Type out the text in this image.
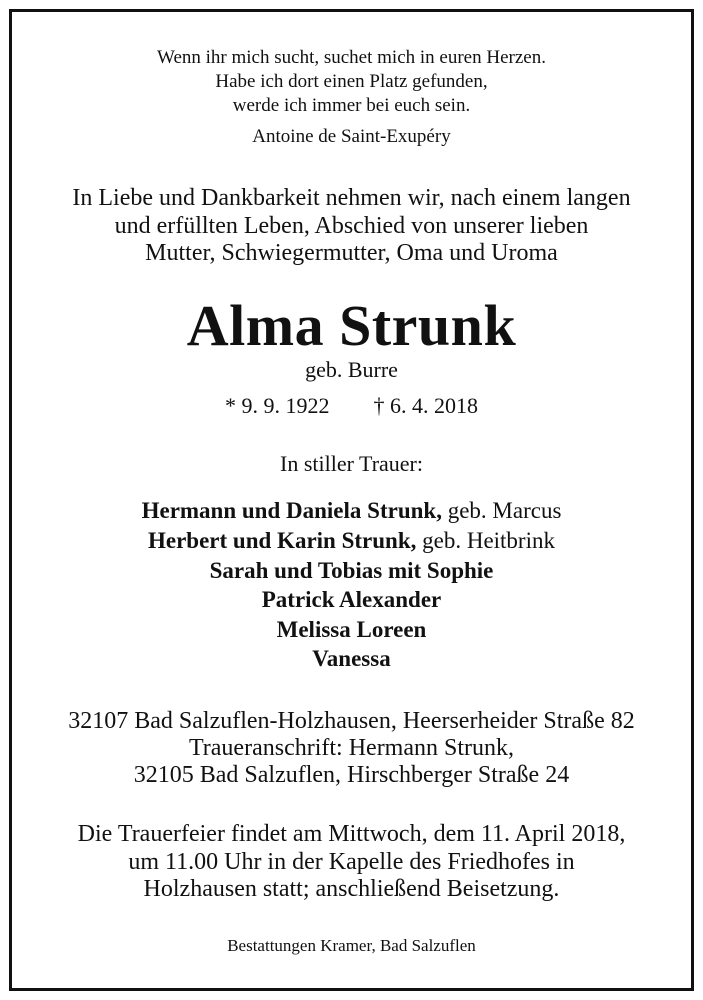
Wenn ihr mich sucht, suchet mich in euren Herzen.

Habe ich dort einen Platz gefunden,

werde ich immer bei euch sein.

Antoine de Saint-Exupéry

In Liebe und Dankbarkeit nehmen wir, nach einem langen

und erfüllten Leben, Abschied von unserer lieben

Mutter, Schwiegermutter, Oma und Uroma

Alma Strunk

geb. Burre

* 9. 9. 1922 † 6. 4. 2018

In stiller Trauer:

Hermann und Daniela Strunk, geb. Marcus

Herbert und Karin Strunk, geb. Heitbrink

Sarah und Tobias mit Sophie

Patrick Alexander

Melissa Loreen

Vanessa

32107 Bad Salzuflen-Holzhausen, Heerserheider Straße 82

Traueranschrift: Hermann Strunk,

32105 Bad Salzuflen, Hirschberger Straße 24

Die Trauerfeier findet am Mittwoch, dem 11. April 2018,

um 11.00 Uhr in der Kapelle des Friedhofes in

Holzhausen statt; anschließend Beisetzung.

Bestattungen Kramer, Bad Salzuflen
